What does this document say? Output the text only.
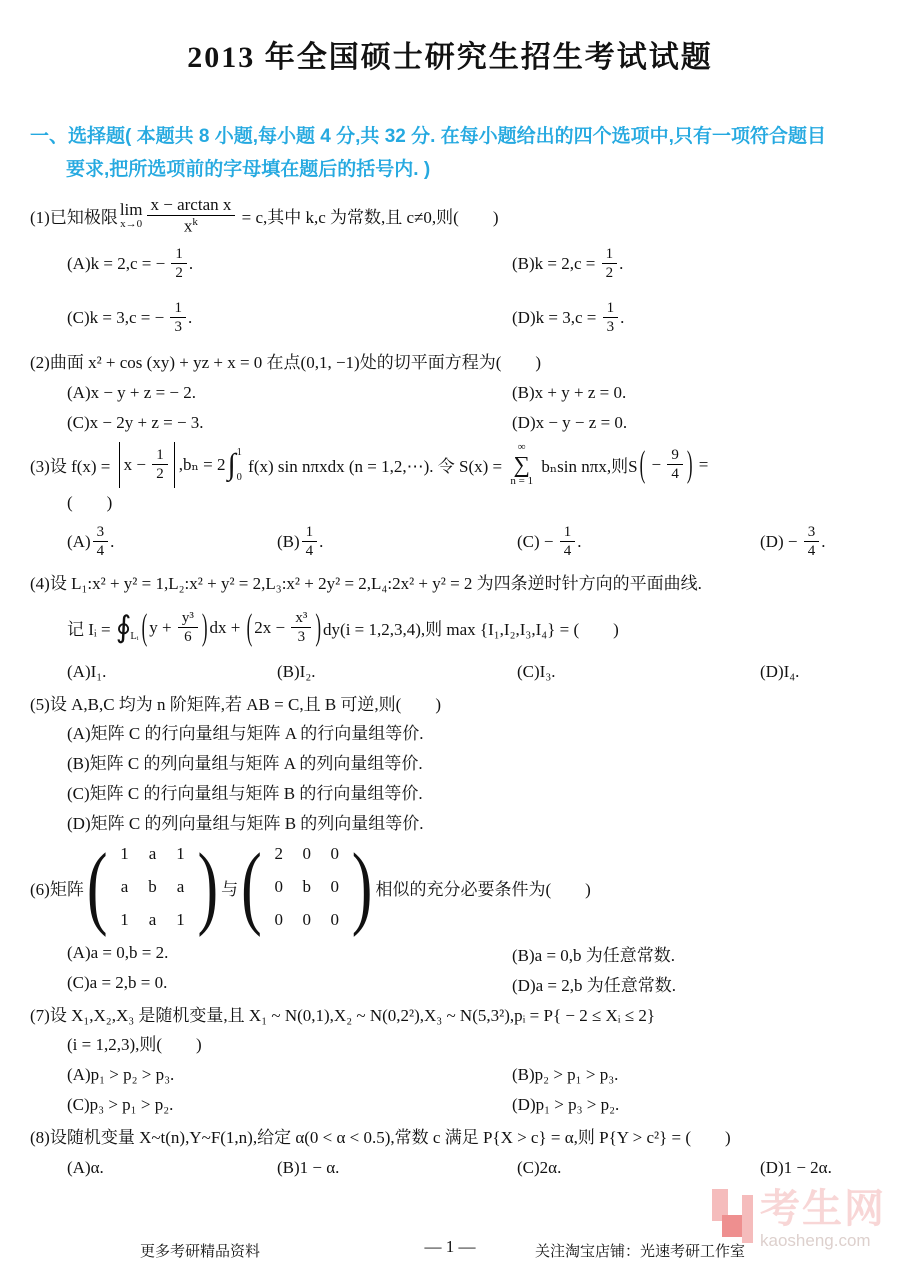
2013 年全国硕士研究生招生考试试题
一、选择题( 本题共 8 小题,每小题 4 分,共 32 分. 在每小题给出的四个选项中,只有一项符合题目
要求,把所选项前的字母填在题后的括号内. )
(1)已知极限 lim
$x\to 0 \frac{\text{x − arctan x}}{x^k} = c$,其中 k,c 为常数,且 c≠0,则(　　)
(A) k = 2,c = − $\frac{1}{2}$ .	(B) $k = 2,c = \frac{1}{2}$ .
(C) k = 3,c = − $\frac{1}{3}$ .	(D) $k = 3,c = \frac{1}{3}$ .
(2)曲面 x² + cos (xy) + yz + x = 0 在点(0,1, −1)处的切平面方程为(　　)
(A)x − y + z = − 2.	(B)x + y + z = 0.
(C)x − 2y + z = − 3.	(D)x − y − z = 0.
(3)设 $f(x) = x - \frac{1}{2} ,b_n = 2$ ∫ 1
0
f(x) sin nπxdx (n = 1,2,⋯). 令 S(x) =
∞
∑
n = 1
bₙsin nπx,则S ( − $\frac{9}{4}$ ) =
(　　)
$(A) \frac{3}{4}$ .	$(B) \frac{1}{4}$ .	$(C) - \frac{1}{4}$ .	$(D) - \frac{3}{4}$ .
(4)设 L₁:x² + y² = 1,L₂:x² + y² = 2,L₃:x² + 2y² = 2,L₄:2x² + y² = 2 为四条逆时针方向的平面曲线.
记 Iᵢ = ∮ Lᵢ ( $y + \frac{\text{y³}}{6}$ ) dx + ( $2x - \frac{\text{x³}}{3}$ ) dy(i = 1,2,3,4),则 max {I₁,I₂,I₃,I₄} = (　　)
(A)I₁.	(B)I₂.	(C)I₃.	(D)I₄.
(5)设 A,B,C 均为 n 阶矩阵,若 AB = C,且 B 可逆,则(　　)
(A)矩阵 C 的行向量组与矩阵 A 的行向量组等价.
(B)矩阵 C 的列向量组与矩阵 A 的列向量组等价.
(C)矩阵 C 的行向量组与矩阵 B 的行向量组等价.
(D)矩阵 C 的列向量组与矩阵 B 的列向量组等价.
(6)矩阵 ( 1	a	1
a	b	a
1	a	1 ) 与 ( 2	0	0
0	b	0
0	0	0 ) 相似的充分必要条件为(　　)
(A)a = 0,b = 2.	(B)a = 0,b 为任意常数.
(C)a = 2,b = 0.	(D)a = 2,b 为任意常数.
(7)设 X₁,X₂,X₃ 是随机变量,且 X₁ ~ N(0,1),X₂ ~ N(0,2²),X₃ ~ N(5,3²),pᵢ = P{ − 2 ≤ Xᵢ ≤ 2}
(i = 1,2,3),则(　　)
(A)p₁ > p₂ > p₃.	(B)p₂ > p₁ > p₃.
(C)p₃ > p₁ > p₂.	(D)p₁ > p₃ > p₂.
(8)设随机变量 X~t(n),Y~F(1,n),给定 α(0 < α < 0.5),常数 c 满足 P{X > c} = α,则 P{Y > c²} = (　　)
(A)α.	(B)1 − α.	(C)2α.	(D)1 − 2α.
更多考研精品资料	— 1 —	关注淘宝店铺：光速考研工作室
考生网
kaosheng.com
